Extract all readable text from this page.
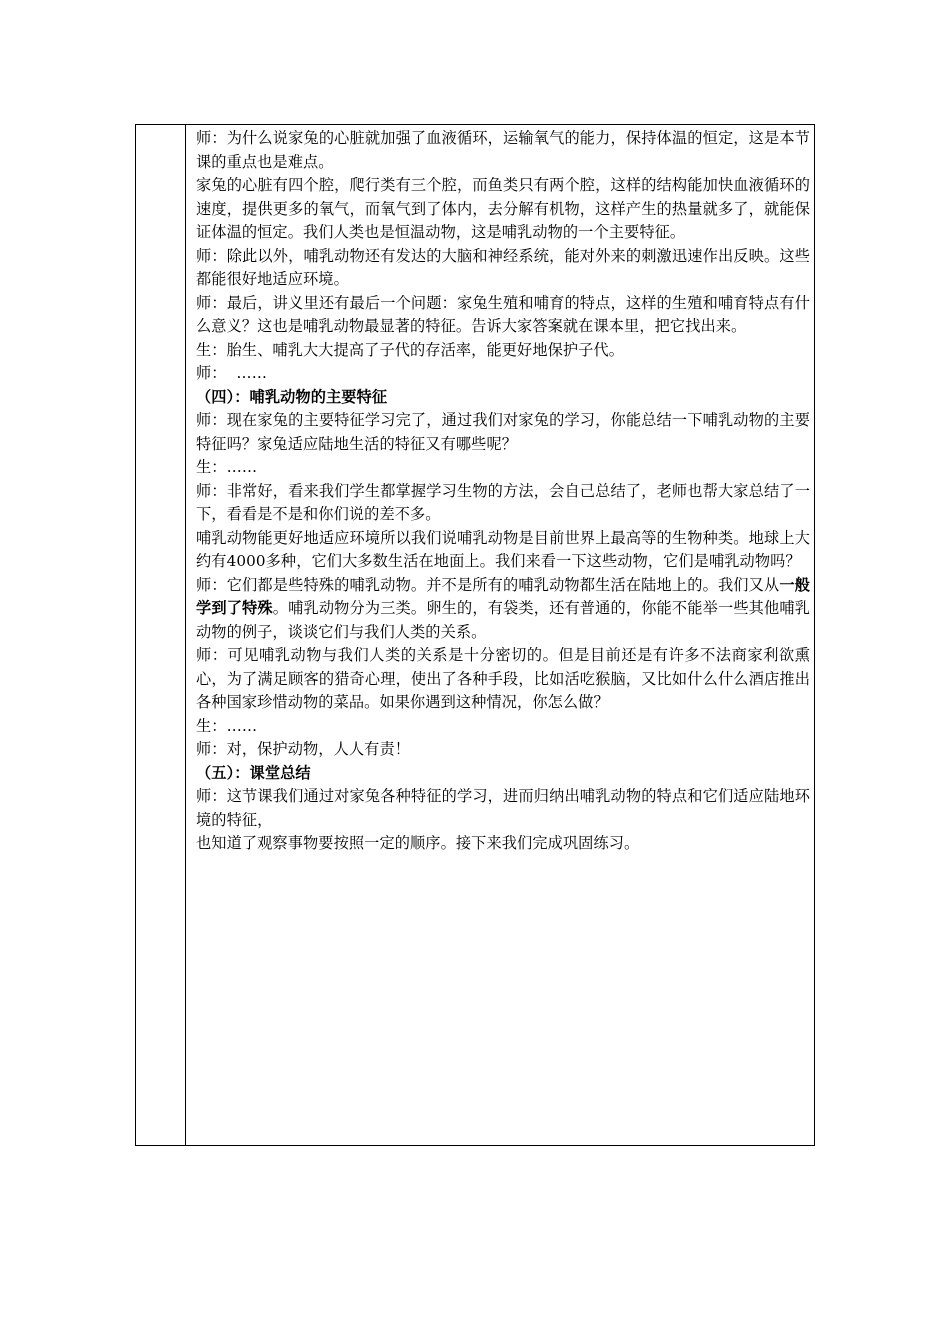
师：为什么说家兔的心脏就加强了血液循环，运输氧气的能力，保持体温的恒定，这是本节课的重点也是难点。

家兔的心脏有四个腔，爬行类有三个腔，而鱼类只有两个腔，这样的结构能加快血液循环的速度，提供更多的氧气，而氧气到了体内，去分解有机物，这样产生的热量就多了，就能保证体温的恒定。我们人类也是恒温动物，这是哺乳动物的一个主要特征。

师：除此以外，哺乳动物还有发达的大脑和神经系统，能对外来的刺激迅速作出反映。这些都能很好地适应环境。

师：最后，讲义里还有最后一个问题：家兔生殖和哺育的特点，这样的生殖和哺育特点有什么意义？这也是哺乳动物最显著的特征。告诉大家答案就在课本里，把它找出来。

生：胎生、哺乳大大提高了子代的存活率，能更好地保护子代。

师：  ……

（四）：哺乳动物的主要特征

师：现在家兔的主要特征学习完了，通过我们对家兔的学习，你能总结一下哺乳动物的主要特征吗？家兔适应陆地生活的特征又有哪些呢？

生：……

师：非常好，看来我们学生都掌握学习生物的方法，会自己总结了，老师也帮大家总结了一下，看看是不是和你们说的差不多。

哺乳动物能更好地适应环境所以我们说哺乳动物是目前世界上最高等的生物种类。地球上大约有4000多种，它们大多数生活在地面上。我们来看一下这些动物，它们是哺乳动物吗？

师：它们都是些特殊的哺乳动物。并不是所有的哺乳动物都生活在陆地上的。我们又从一般学到了特殊。哺乳动物分为三类。卵生的，有袋类，还有普通的，你能不能举一些其他哺乳动物的例子，谈谈它们与我们人类的关系。

师：可见哺乳动物与我们人类的关系是十分密切的。但是目前还是有许多不法商家利欲熏心，为了满足顾客的猎奇心理，使出了各种手段，比如活吃猴脑，又比如什么什么酒店推出各种国家珍惜动物的菜品。如果你遇到这种情况，你怎么做？

生：……

师：对，保护动物，人人有责！

（五）：课堂总结

师：这节课我们通过对家兔各种特征的学习，进而归纳出哺乳动物的特点和它们适应陆地环境的特征，

也知道了观察事物要按照一定的顺序。接下来我们完成巩固练习。
